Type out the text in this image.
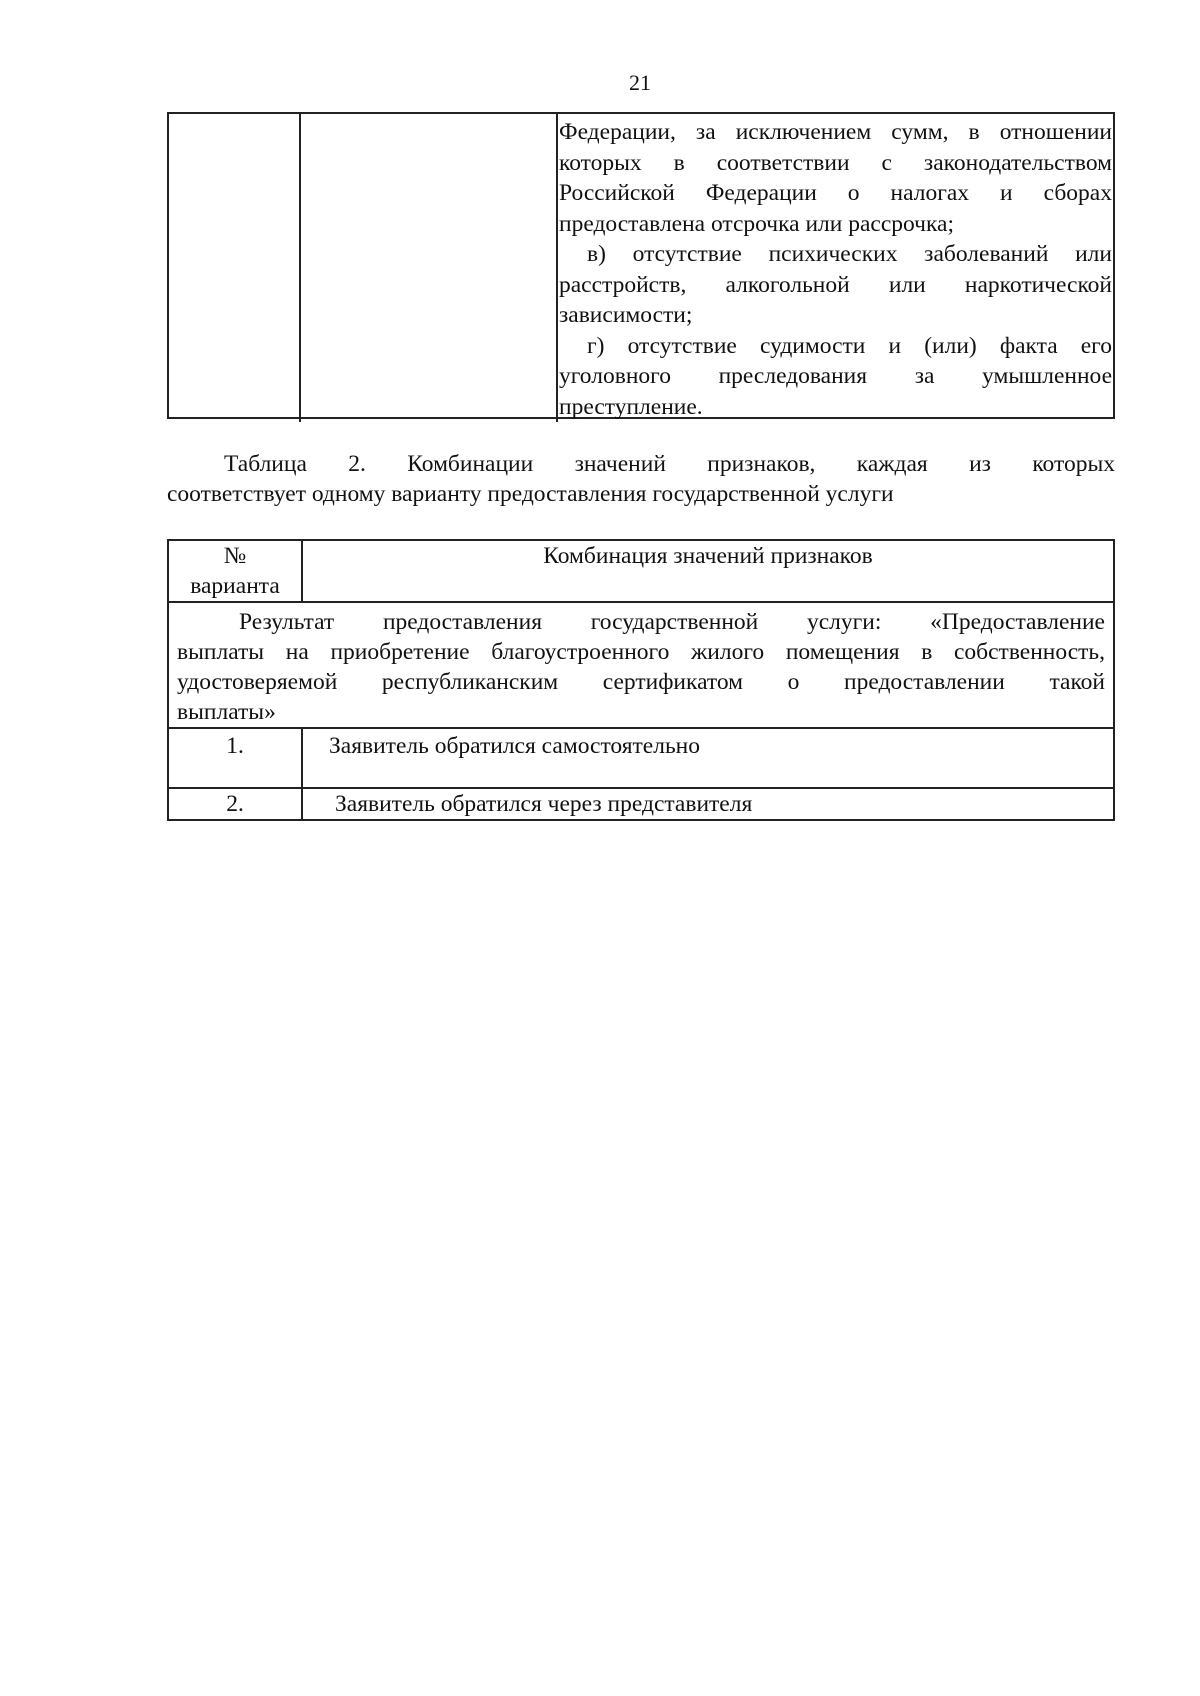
21

Федерации, за исключением сумм, в отношении

которых в соответствии с законодательством

Российской Федерации о налогах и сборах

предоставлена отсрочка или рассрочка;

в) отсутствие психических заболеваний или

расстройств, алкогольной или наркотической

зависимости;

г) отсутствие судимости и (или) факта его

уголовного преследования за умышленное

преступление.

Таблица 2. Комбинации значений признаков, каждая из которых

соответствует одному варианту предоставления государственной услуги

№
варианта	Комбинация значений признаков

Результат предоставления государственной услуги: «Предоставление

выплаты на приобретение благоустроенного жилого помещения в собственность,

удостоверяемой республиканским сертификатом о предоставлении такой

выплаты»	

1.	Заявитель обратился самостоятельно
2.	Заявитель обратился через представителя
